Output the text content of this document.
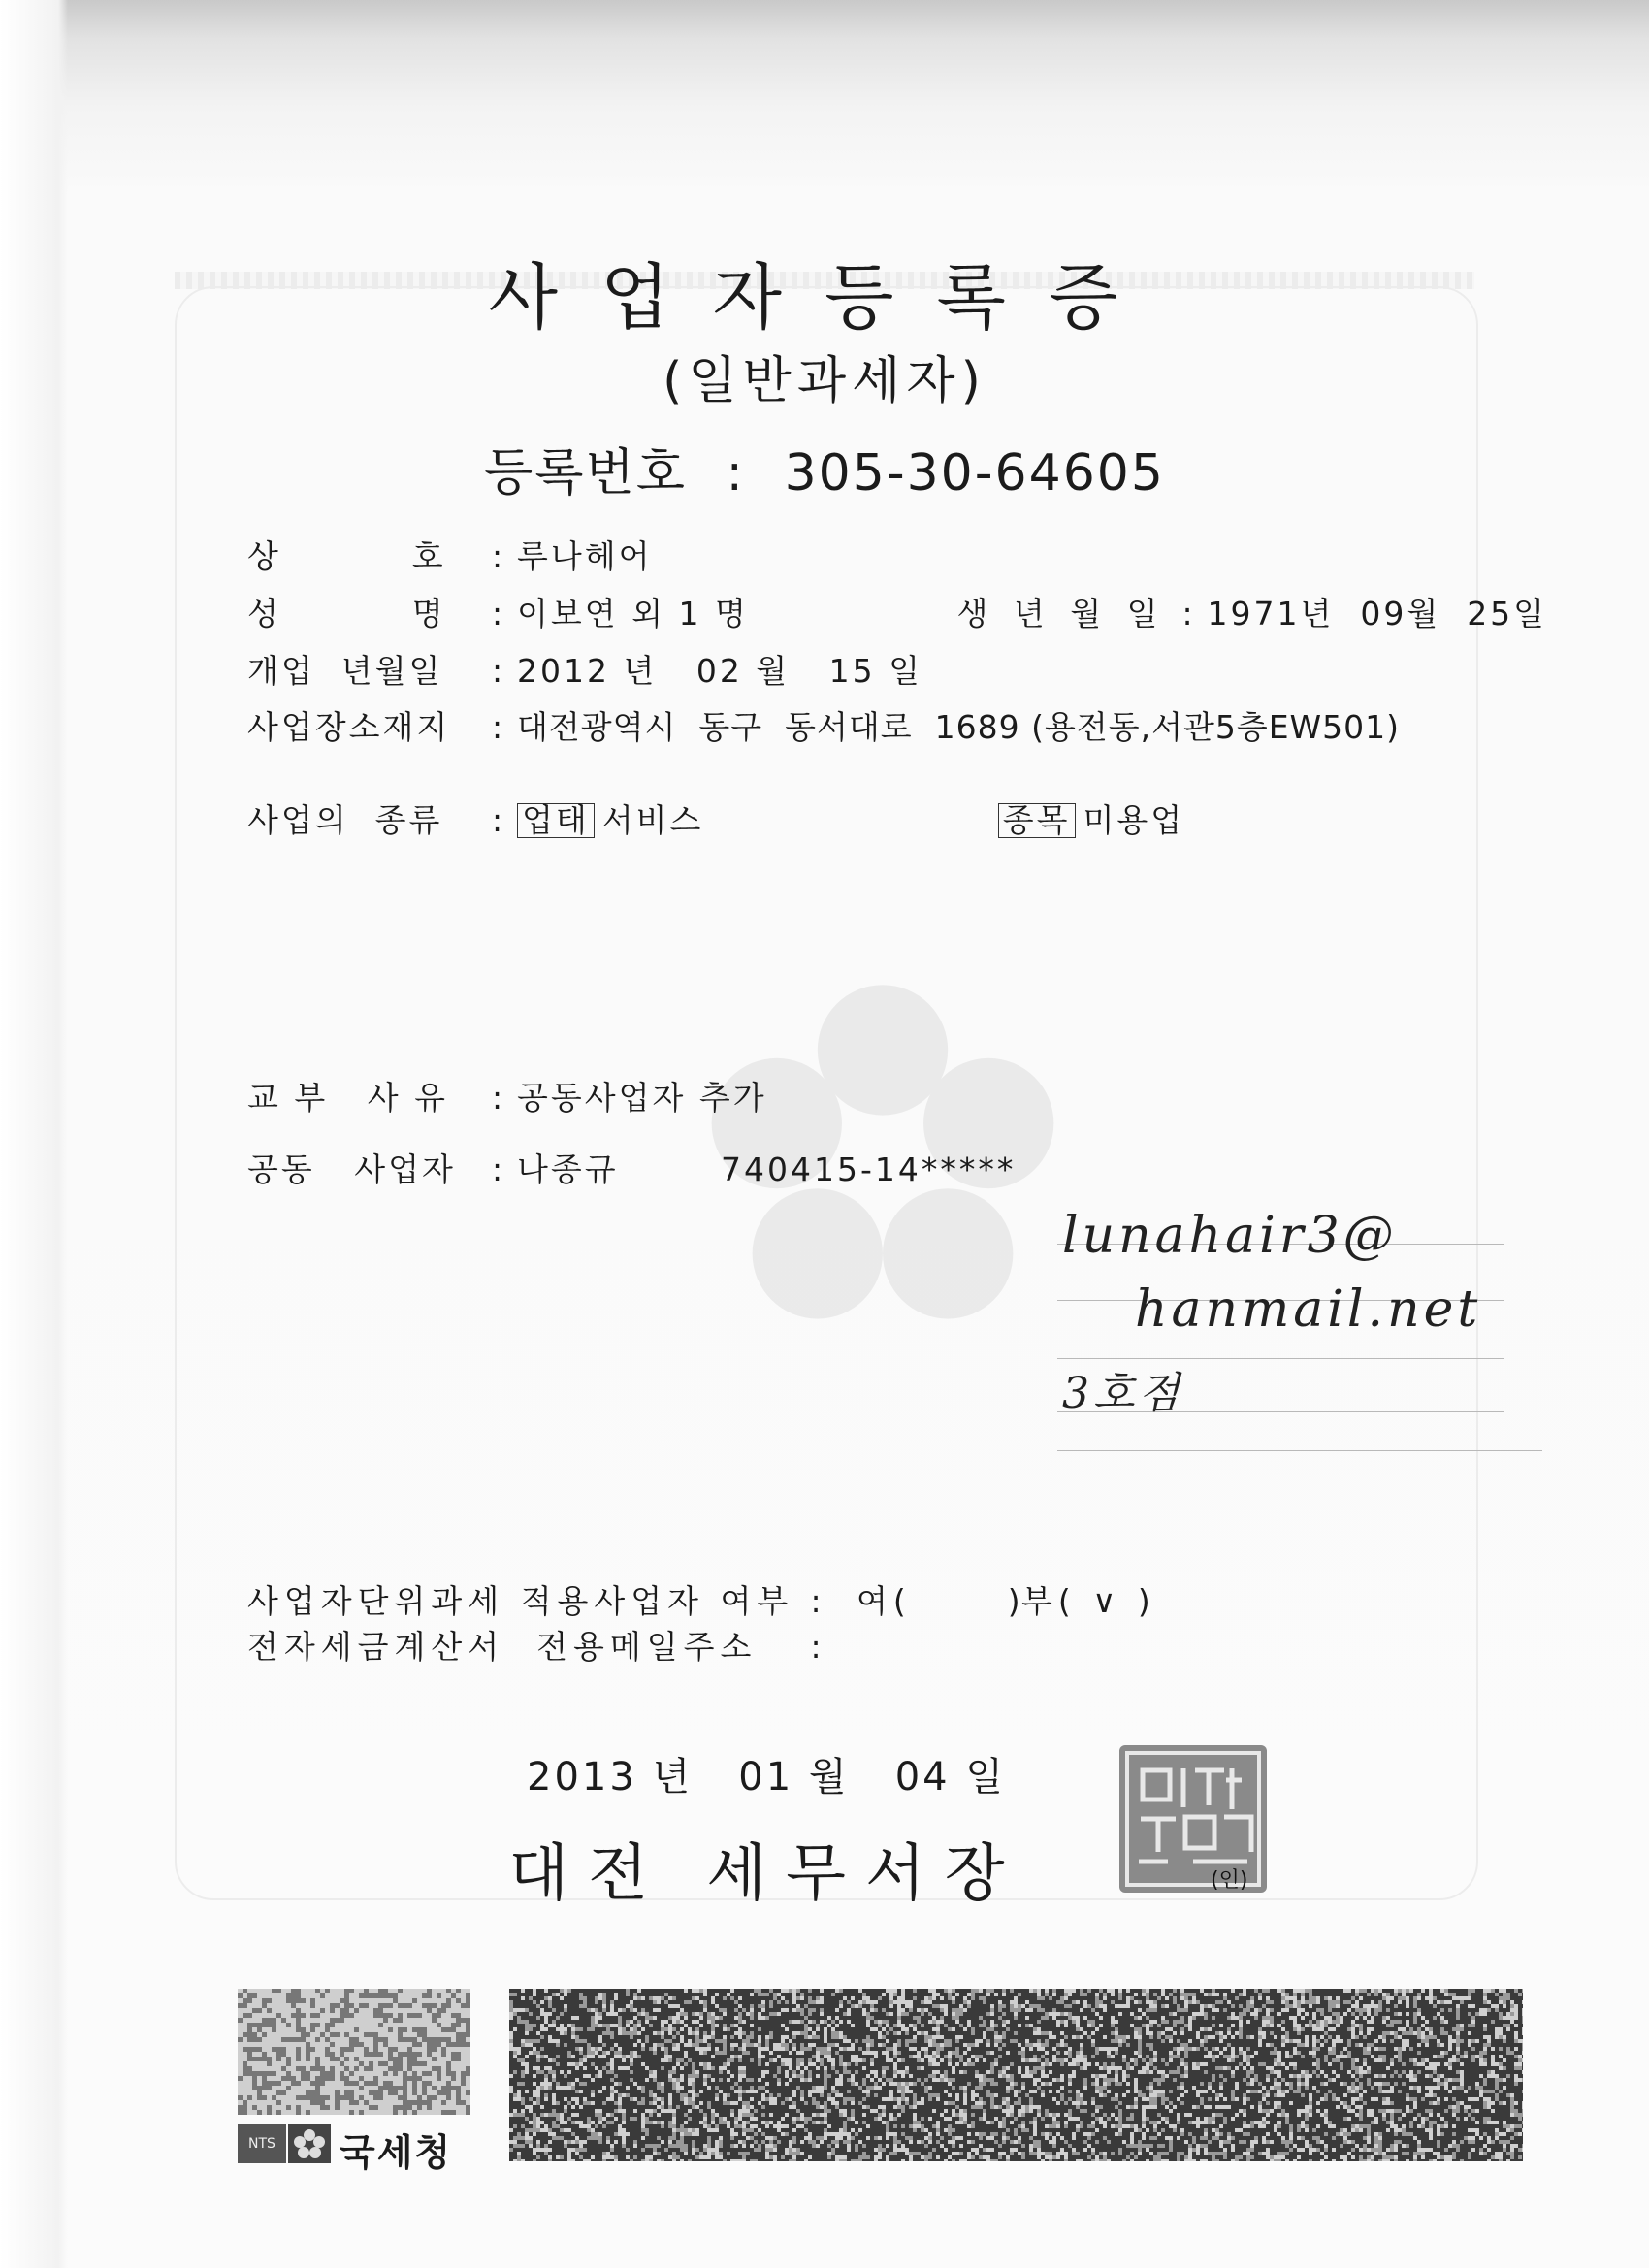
사업자등록증
(일반과세자)
등록번호 : 305-30-64605
상          호 : 루나헤어
성          명 : 이보연 외 1 명	생 년 월 일 : 1971년  09월  25일
개업  년월일 : 2012 년   02 월   15 일
사업장소재지 : 대전광역시  동구  동서대로  1689 (용전동,서관5층EW501)
사업의  종류 : 업태 서비스	종목 미용업
교 부   사 유 : 공동사업자 추가
공동   사업자 : 나종규	740415-14*****
lunahair3@
hanmail.net
3호점
사업자단위과세 적용사업자 여부 : 여(      )부( ∨ )
전자세금계산서  전용메일주소 :
2013 년   01 월   04 일
대전 세무서장	(인)
NTS 국세청
